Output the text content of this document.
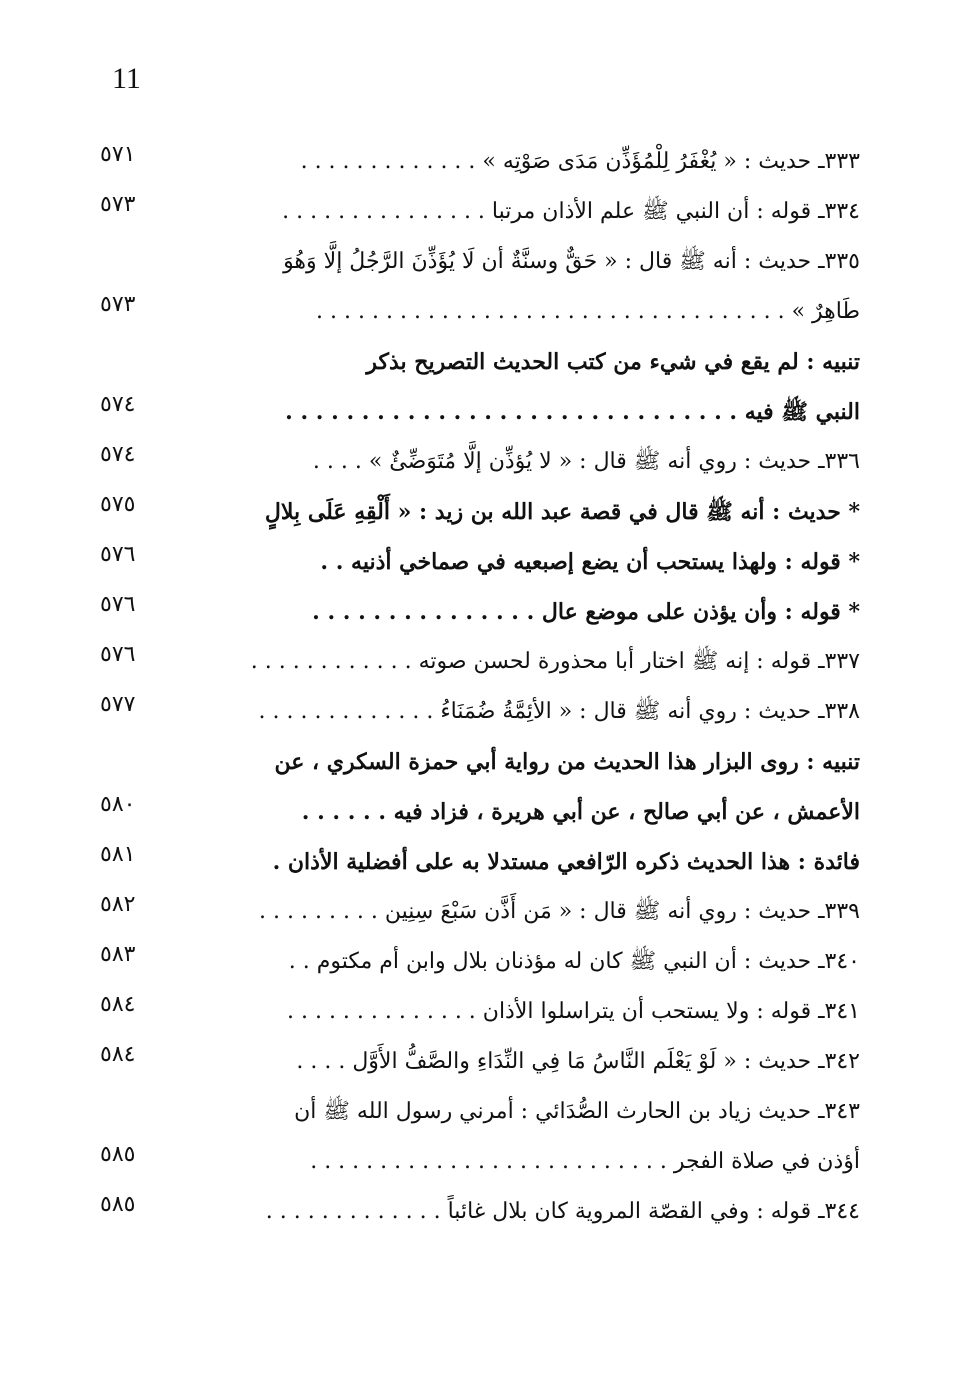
11
٣٣٣ـ حديث : « يُغْفَرُ لِلْمُؤَذِّن مَدَى صَوْتِه » . . . . . . . . . . . . .
٥٧١
٣٣٤ـ قوله : أن النبي ﷺ علم الأذان مرتبا . . . . . . . . . . . . . . .
٥٧٣
٣٣٥ـ حديث : أنه ﷺ قال : « حَقٌّ وسنَّةٌ أن لَا يُؤَذِّنَ الرَّجُلُ إلَّا وَهُوَ
طَاهِرٌ » . . . . . . . . . . . . . . . . . . . . . . . . . . . . . . . . . .
٥٧٣
تنبيه : لم يقع في شيء من كتب الحديث التصريح بذكر
النبي ﷺ فيه . . . . . . . . . . . . . . . . . . . . . . . . . . . . . .
٥٧٤
٣٣٦ـ حديث : روي أنه ﷺ قال : « لا يُؤذِّن إلَّا مُتَوَضِّئٌ » . . . .
٥٧٤
* حديث : أنه ﷺ قال في قصة عبد الله بن زيد : « أَلْقِهِ عَلَى بِلالٍ
٥٧٥
* قوله : ولهذا يستحب أن يضع إصبعيه في صماخي أذنيه . .
٥٧٦
* قوله : وأن يؤذن على موضع عال . . . . . . . . . . . . . . .
٥٧٦
٣٣٧ـ قوله : إنه ﷺ اختار أبا محذورة لحسن صوته . . . . . . . . . . . .
٥٧٦
٣٣٨ـ حديث : روي أنه ﷺ قال : « الأئِمَّةُ ضُمَنَاءُ . . . . . . . . . . . . .
٥٧٧
تنبيه : روى البزار هذا الحديث من رواية أبي حمزة السكري ، عن
الأعمش ، عن أبي صالح ، عن أبي هريرة ، فزاد فيه . . . . . .
٥٨٠
فائدة : هذا الحديث ذكره الرّافعي مستدلا به على أفضلية الأذان .
٥٨١
٣٣٩ـ حديث : روي أنه ﷺ قال : « مَن أَذَّن سَبْعَ سِنِين . . . . . . . . .
٥٨٢
٣٤٠ـ حديث : أن النبي ﷺ كان له مؤذنان بلال وابن أم مكتوم . .
٥٨٣
٣٤١ـ قوله : ولا يستحب أن يتراسلوا الأذان . . . . . . . . . . . . . .
٥٨٤
٣٤٢ـ حديث : « لَوْ يَعْلَم النَّاسُ مَا فِي النِّدَاءِ والصَّفُّ الأَوَّل . . . .
٥٨٤
٣٤٣ـ حديث زياد بن الحارث الصُّدَائي : أمرني رسول الله ﷺ أن
أؤذن في صلاة الفجر . . . . . . . . . . . . . . . . . . . . . . . . . .
٥٨٥
٣٤٤ـ قوله : وفي القصّة المروية كان بلال غائباً . . . . . . . . . . . . .
٥٨٥
